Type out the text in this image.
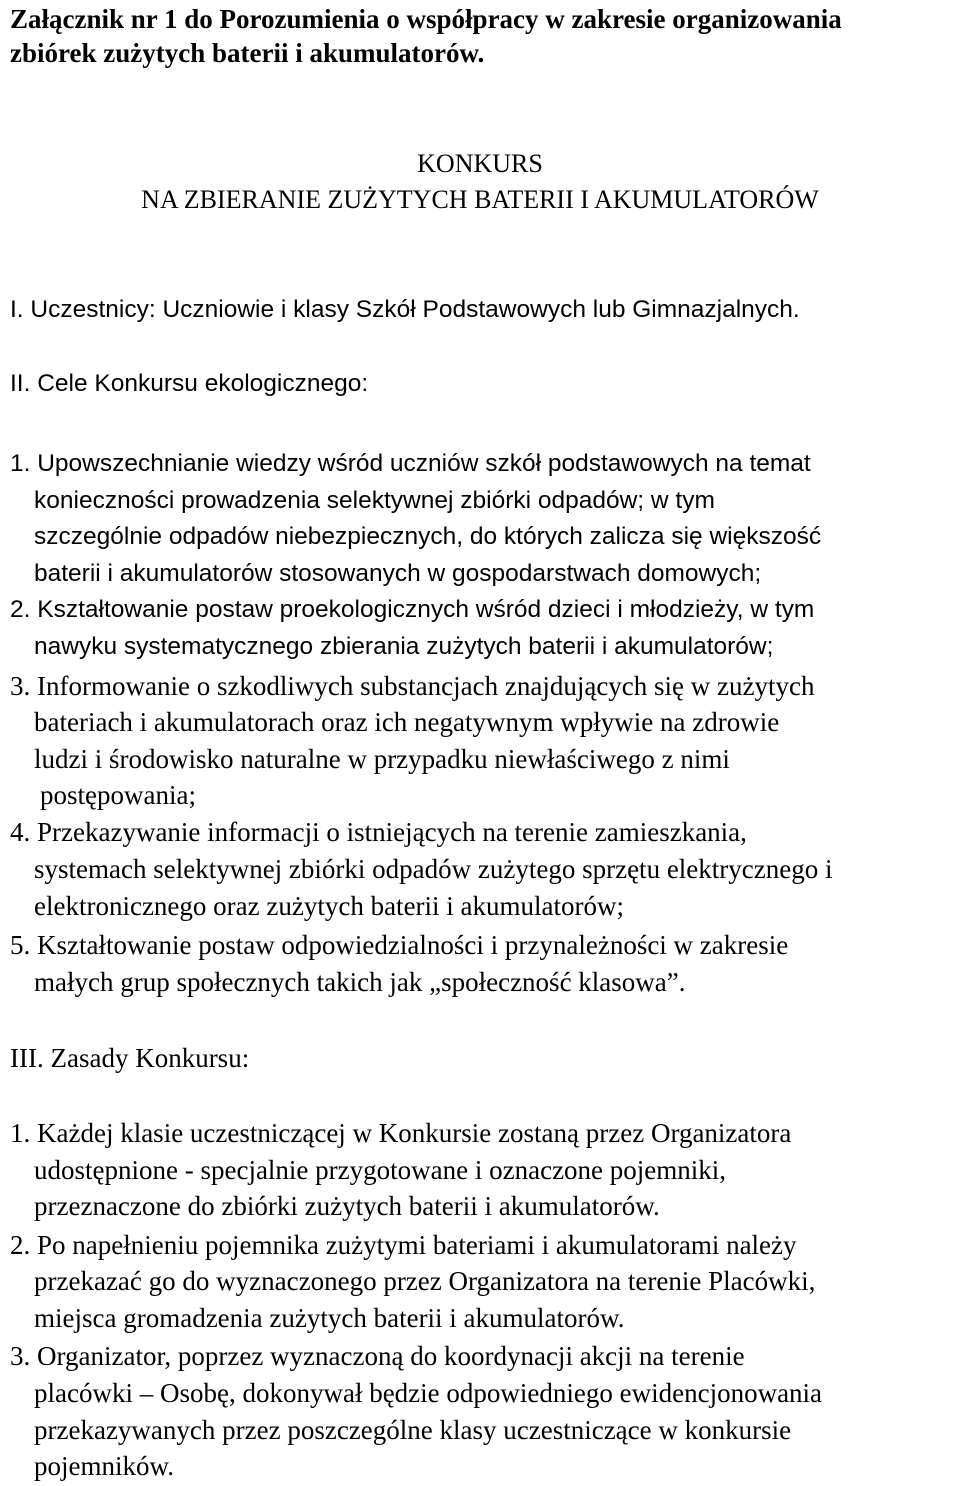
Załącznik nr 1 do Porozumienia o współpracy w zakresie organizowania
zbiórek zużytych baterii i akumulatorów.
KONKURS
NA ZBIERANIE ZUŻYTYCH BATERII I AKUMULATORÓW
I. Uczestnicy: Uczniowie i klasy Szkół Podstawowych lub Gimnazjalnych.
II. Cele Konkursu ekologicznego:
1. Upowszechnianie wiedzy wśród uczniów szkół podstawowych na temat
konieczności prowadzenia selektywnej zbiórki odpadów; w tym
szczególnie odpadów niebezpiecznych, do których zalicza się większość
baterii i akumulatorów stosowanych w gospodarstwach domowych;
2. Kształtowanie postaw proekologicznych wśród dzieci i młodzieży, w tym
nawyku systematycznego zbierania zużytych baterii i akumulatorów;
3. Informowanie o szkodliwych substancjach znajdujących się w zużytych
bateriach i akumulatorach oraz ich negatywnym wpływie na zdrowie
ludzi i środowisko naturalne w przypadku niewłaściwego z nimi
postępowania;
4. Przekazywanie informacji o istniejących na terenie zamieszkania,
systemach selektywnej zbiórki odpadów zużytego sprzętu elektrycznego i
elektronicznego oraz zużytych baterii i akumulatorów;
5. Kształtowanie postaw odpowiedzialności i przynależności w zakresie
małych grup społecznych takich jak „społeczność klasowa”.
III. Zasady Konkursu:
1. Każdej klasie uczestniczącej w Konkursie zostaną przez Organizatora
udostępnione - specjalnie przygotowane i oznaczone pojemniki,
przeznaczone do zbiórki zużytych baterii i akumulatorów.
2. Po napełnieniu pojemnika zużytymi bateriami i akumulatorami należy
przekazać go do wyznaczonego przez Organizatora na terenie Placówki,
miejsca gromadzenia zużytych baterii i akumulatorów.
3. Organizator, poprzez wyznaczoną do koordynacji akcji na terenie
placówki – Osobę, dokonywał będzie odpowiedniego ewidencjonowania
przekazywanych przez poszczególne klasy uczestniczące w konkursie
pojemników.
